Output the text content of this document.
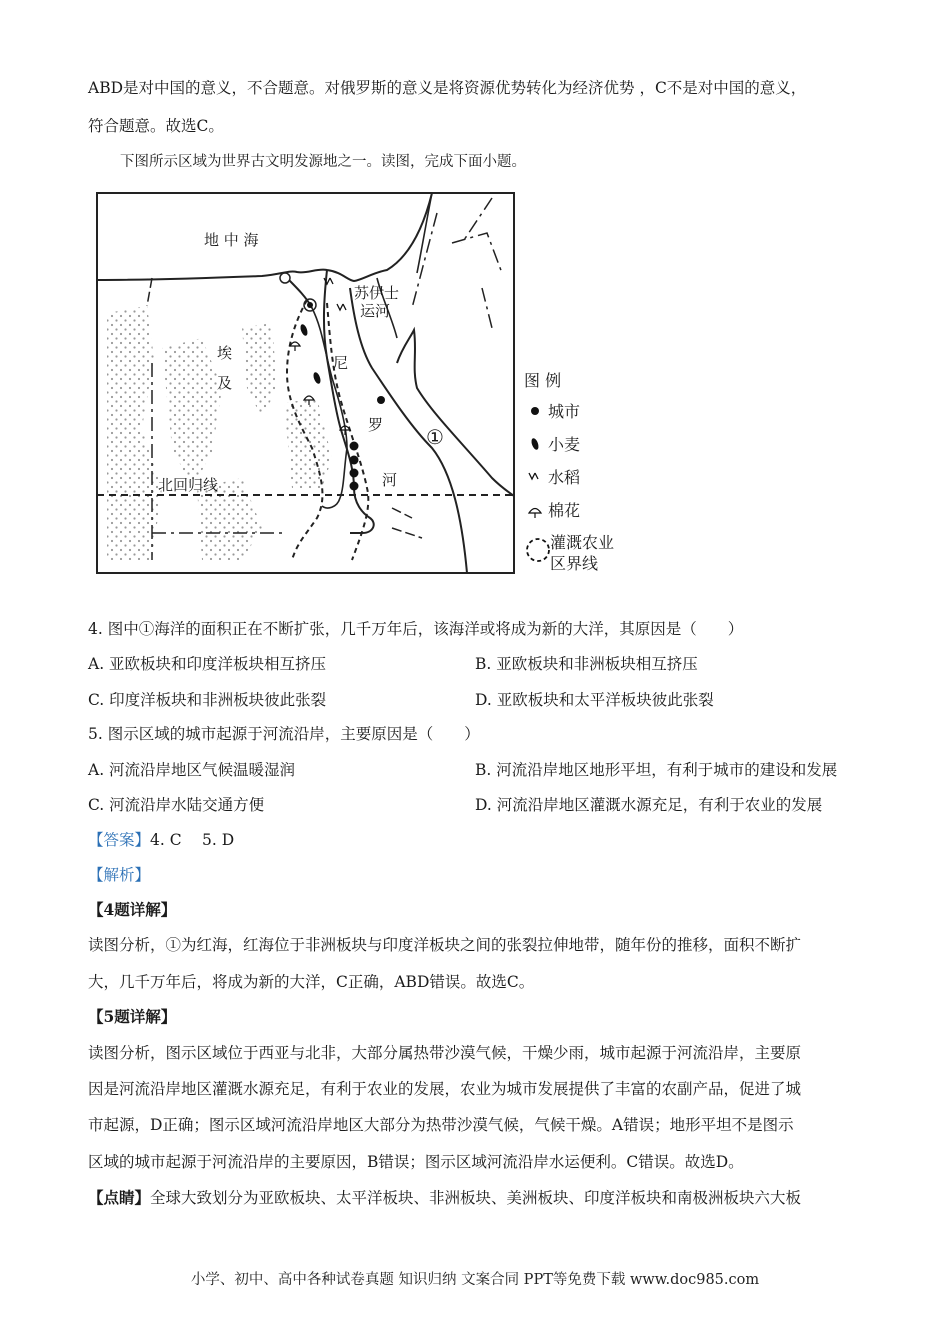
ABD是对中国的意义，不合题意。对俄罗斯的意义是将资源优势转化为经济优势 ，C不是对中国的意义，
符合题意。故选C。
下图所示区域为世界古文明发源地之一。读图，完成下面小题。
地 中 海
苏伊士
运河
埃
及
尼
罗
河
北回归线
①
图 例
城市
小麦
水稻
棉花
灌溉农业
区界线
4. 图中①海洋的面积正在不断扩张，几千万年后，该海洋或将成为新的大洋，其原因是（　　）
A. 亚欧板块和印度洋板块相互挤压	B. 亚欧板块和非洲板块相互挤压
C. 印度洋板块和非洲板块彼此张裂	D. 亚欧板块和太平洋板块彼此张裂
5. 图示区域的城市起源于河流沿岸，主要原因是（　　）
A. 河流沿岸地区气候温暖湿润	B. 河流沿岸地区地形平坦，有利于城市的建设和发展
C. 河流沿岸水陆交通方便	D. 河流沿岸地区灌溉水源充足，有利于农业的发展
【答案】4. C　 5. D
【解析】
【4题详解】
读图分析，①为红海，红海位于非洲板块与印度洋板块之间的张裂拉伸地带，随年份的推移，面积不断扩
大，几千万年后，将成为新的大洋，C正确，ABD错误。故选C。
【5题详解】
读图分析，图示区域位于西亚与北非，大部分属热带沙漠气候，干燥少雨，城市起源于河流沿岸，主要原
因是河流沿岸地区灌溉水源充足，有利于农业的发展，农业为城市发展提供了丰富的农副产品，促进了城
市起源，D正确；图示区域河流沿岸地区大部分为热带沙漠气候，气候干燥。A错误；地形平坦不是图示
区域的城市起源于河流沿岸的主要原因，B错误；图示区域河流沿岸水运便利。C错误。故选D。
【点睛】全球大致划分为亚欧板块、太平洋板块、非洲板块、美洲板块、印度洋板块和南极洲板块六大板
小学、初中、高中各种试卷真题 知识归纳 文案合同 PPT等免费下载 www.doc985.com
